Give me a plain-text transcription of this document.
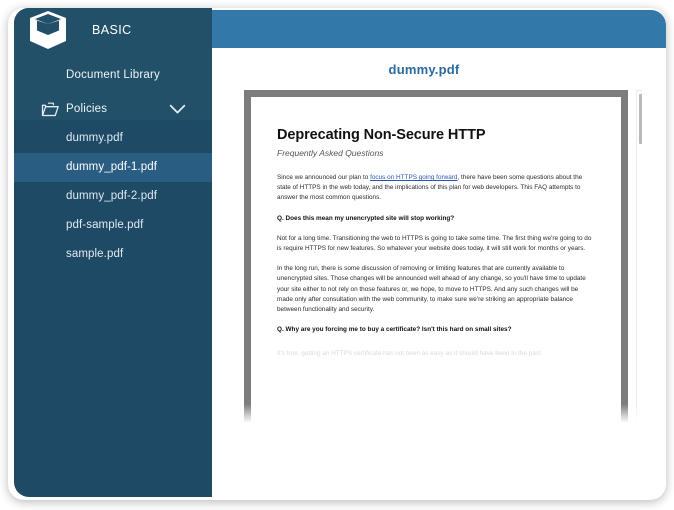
BASIC
Document Library
Policies
dummy.pdf
dummy_pdf-1.pdf
dummy_pdf-2.pdf
pdf-sample.pdf
sample.pdf
dummy.pdf
Deprecating Non-Secure HTTP
Frequently Asked Questions

Since we announced our plan to focus on HTTPS going forward, there have been some questions about the state of HTTPS in the web today, and the implications of this plan for web developers. This FAQ attempts to answer the most common questions.

Q. Does this mean my unencrypted site will stop working?

Not for a long time. Transitioning the web to HTTPS is going to take some time. The first thing we're going to do is require HTTPS for new features. So whatever your website does today, it will still work for months or years.

In the long run, there is some discussion of removing or limiting features that are currently available to unencrypted sites. Those changes will be announced well ahead of any change, so you'll have time to update your site either to not rely on those features or, we hope, to move to HTTPS. And any such changes will be made only after consultation with the web community, to make sure we're striking an appropriate balance between functionality and security.

Q. Why are you forcing me to buy a certificate? Isn't this hard on small sites?

It's true, getting an HTTPS certificate has not been as easy as it should have been in the past.
